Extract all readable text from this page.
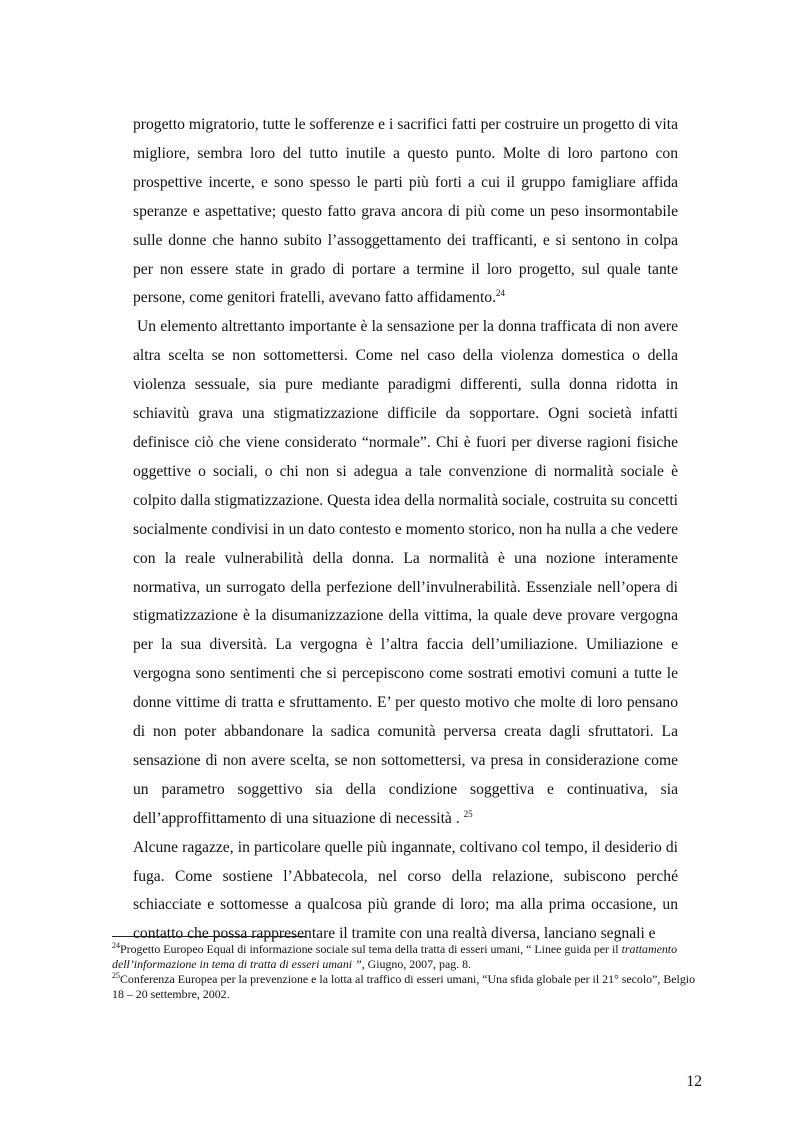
progetto migratorio, tutte le sofferenze e i sacrifici fatti per costruire un progetto di vita migliore, sembra loro del tutto inutile a questo punto. Molte di loro partono con prospettive incerte, e sono spesso le parti più forti a cui il gruppo famigliare affida speranze e aspettative; questo fatto grava ancora di più come un peso insormontabile sulle donne che hanno subito l’assoggettamento dei trafficanti, e si sentono in colpa per non essere state in grado di portare a termine il loro progetto, sul quale tante persone, come genitori fratelli, avevano fatto affidamento.$^{24}$

Un elemento altrettanto importante è la sensazione per la donna trafficata di non avere altra scelta se non sottomettersi. Come nel caso della violenza domestica o della violenza sessuale, sia pure mediante paradigmi differenti, sulla donna ridotta in schiavitù grava una stigmatizzazione difficile da sopportare. Ogni società infatti definisce ciò che viene considerato “normale”. Chi è fuori per diverse ragioni fisiche oggettive o sociali, o chi non si adegua a tale convenzione di normalità sociale è colpito dalla stigmatizzazione. Questa idea della normalità sociale, costruita su concetti socialmente condivisi in un dato contesto e momento storico, non ha nulla a che vedere con la reale vulnerabilità della donna. La normalità è una nozione interamente normativa, un surrogato della perfezione dell’invulnerabilità. Essenziale nell’opera di stigmatizzazione è la disumanizzazione della vittima, la quale deve provare vergogna per la sua diversità. La vergogna è l’altra faccia dell’umiliazione. Umiliazione e vergogna sono sentimenti che si percepiscono come sostrati emotivi comuni a tutte le donne vittime di tratta e sfruttamento. E’ per questo motivo che molte di loro pensano di non poter abbandonare la sadica comunità perversa creata dagli sfruttatori. La sensazione di non avere scelta, se non sottomettersi, va presa in considerazione come un parametro soggettivo sia della condizione soggettiva e continuativa, sia dell’approffittamento di una situazione di necessità . $^{25}$

Alcune ragazze, in particolare quelle più ingannate, coltivano col tempo, il desiderio di fuga. Come sostiene l’Abbatecola, nel corso della relazione, subiscono perché schiacciate e sottomesse a qualcosa più grande di loro; ma alla prima occasione, un contatto che possa rappresentare il tramite con una realtà diversa, lanciano segnali e

$^{24}$Progetto Europeo Equal di informazione sociale sul tema della tratta di esseri umani, “ Linee guida per il trattamento dell’informazione in tema di tratta di esseri umani ”, Giugno, 2007, pag. 8.

$^{25}$Conferenza Europea per la prevenzione e la lotta al traffico di esseri umani, “Una sfida globale per il 21° secolo”, Belgio 18 – 20 settembre, 2002.

12
